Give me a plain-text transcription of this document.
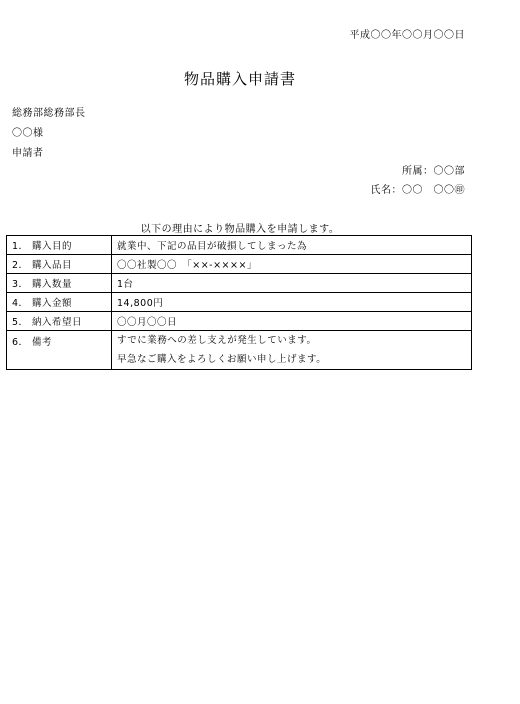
平成〇〇年〇〇月〇〇日
物品購入申請書
総務部総務部長
〇〇様
申請者
所属：〇〇部
氏名：〇〇　〇〇㊞
以下の理由により物品購入を申請します。
1． 購入目的	就業中、下記の品目が破損してしまった為
2． 購入品目	〇〇社製〇〇　「××-××××」
3． 購入数量	1台
4． 購入金額	14,800円
5． 納入希望日	〇〇月〇〇日
6． 備考	すでに業務への差し支えが発生しています。
早急なご購入をよろしくお願い申し上げます。
